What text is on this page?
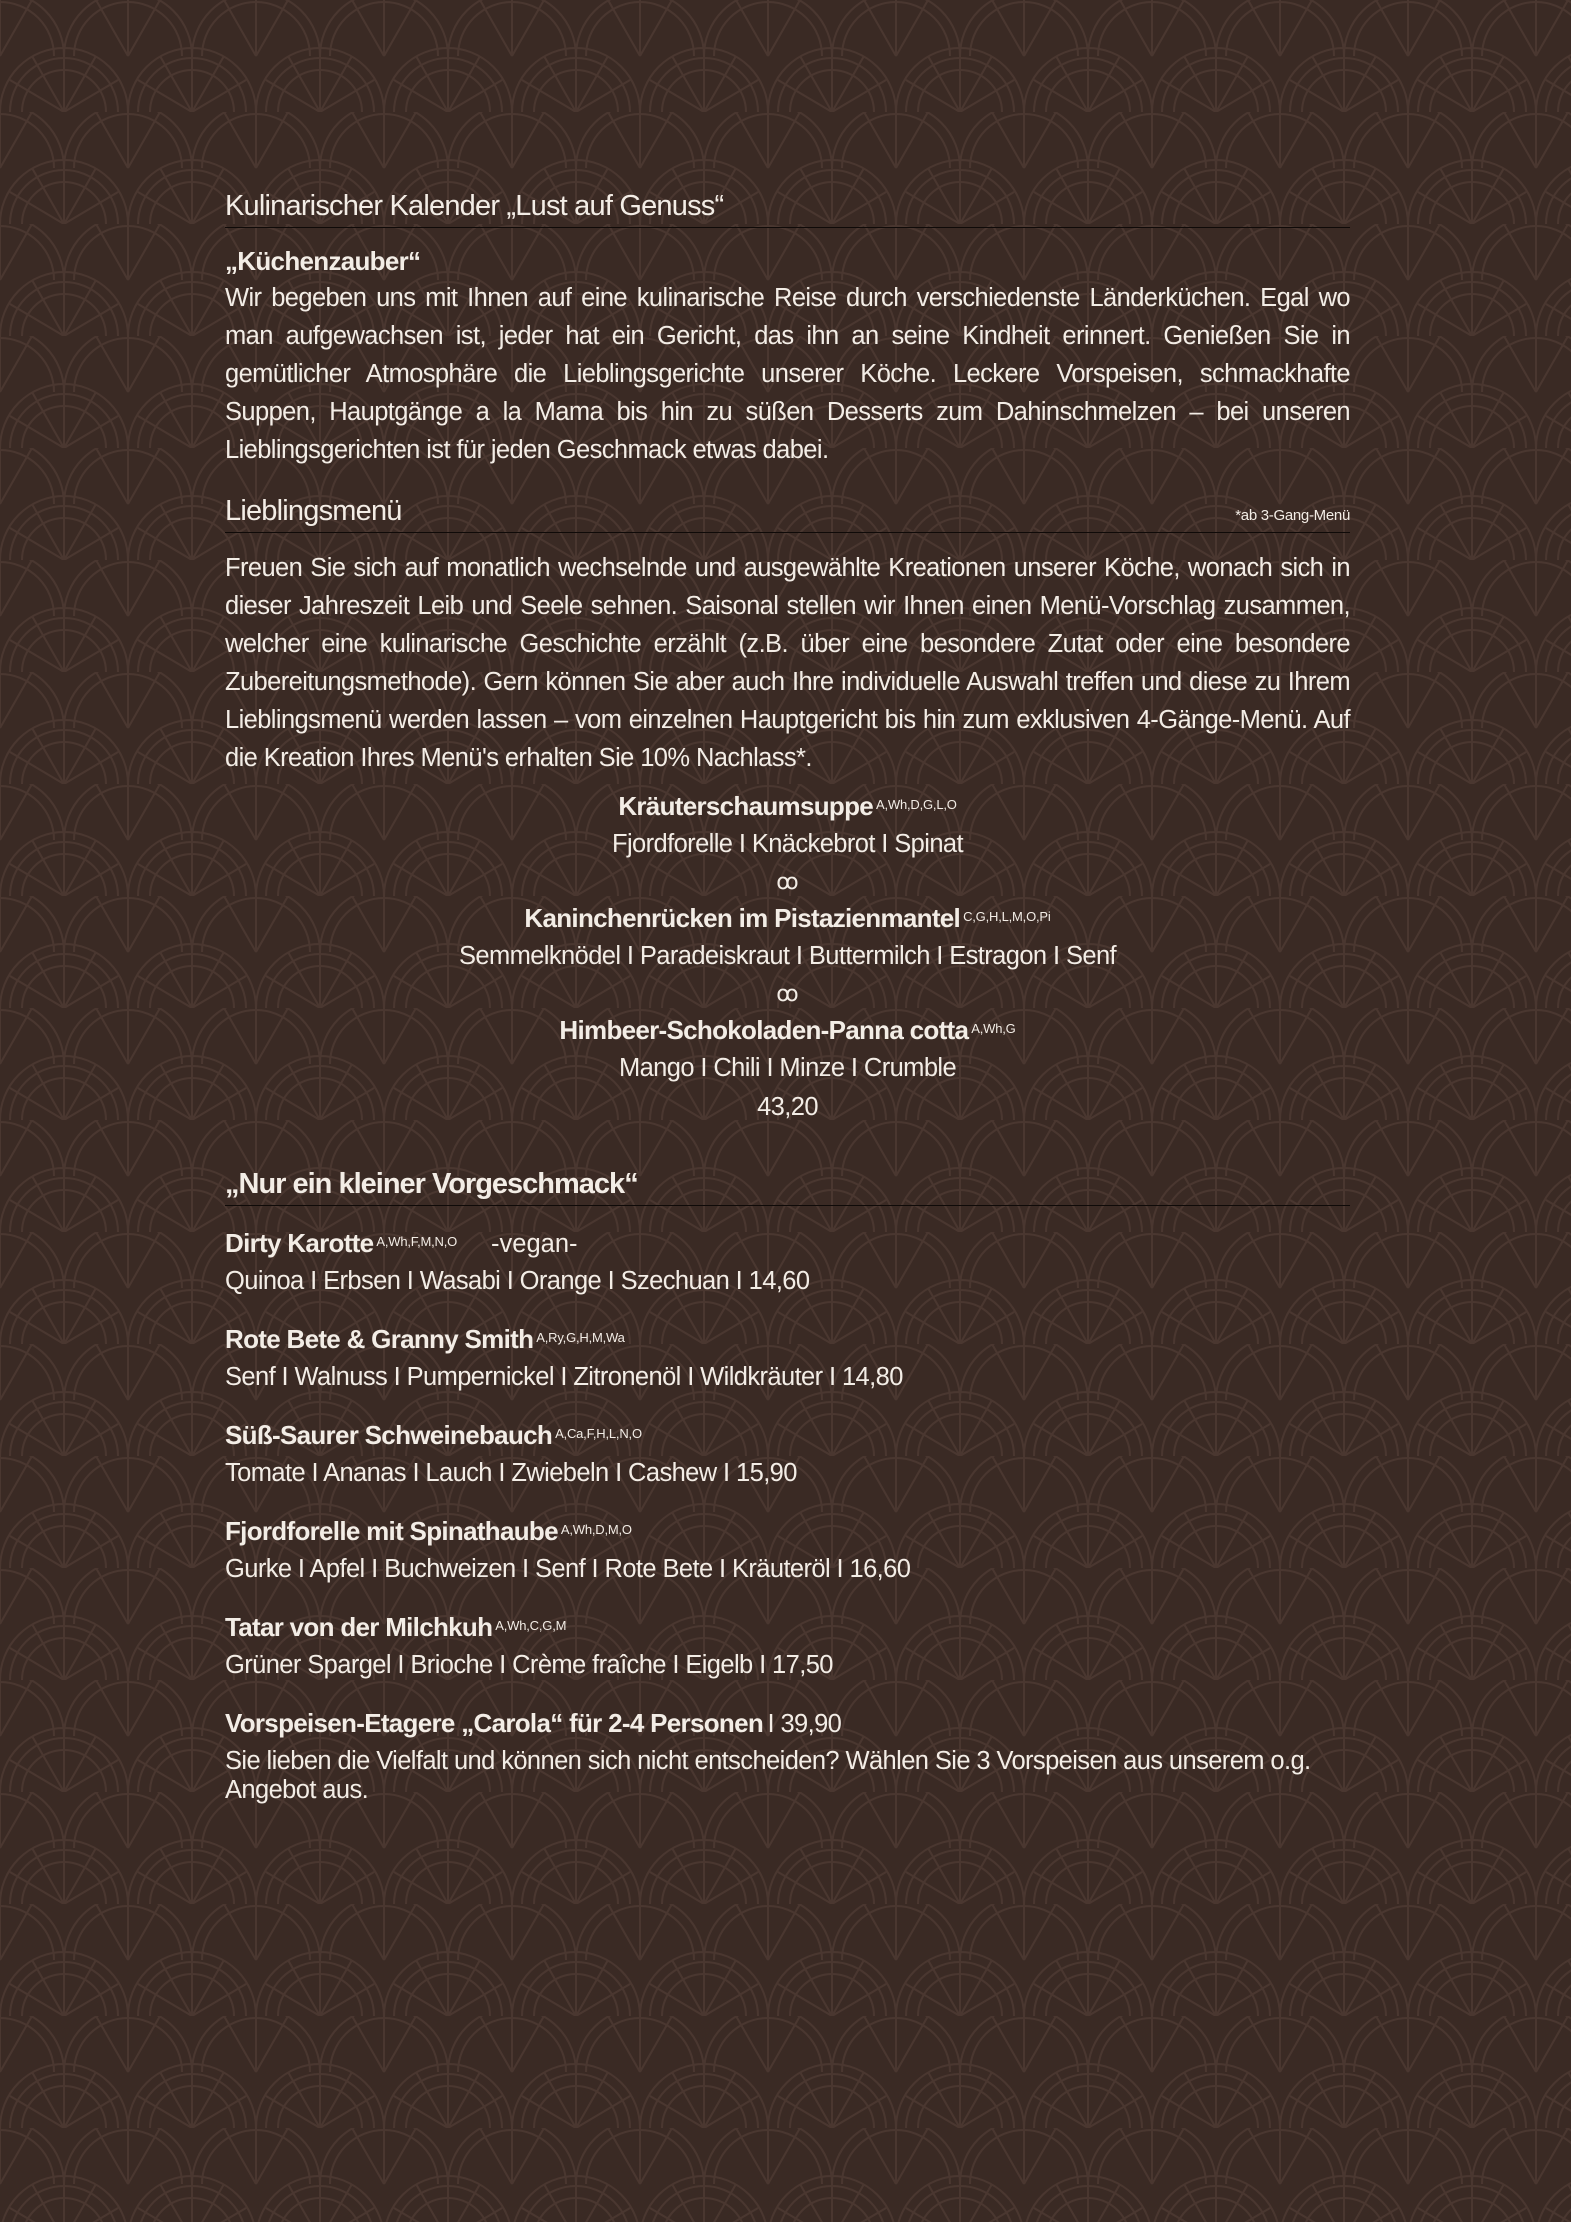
Kulinarischer Kalender „Lust auf Genuss“
„Küchenzauber“

Wir begeben uns mit Ihnen auf eine kulinarische Reise durch verschiedenste Länderküchen. Egal wo man aufgewachsen ist, jeder hat ein Gericht, das ihn an seine Kindheit erinnert. Genießen Sie in gemütlicher Atmosphäre die Lieblingsgerichte unserer Köche. Leckere Vorspeisen, schmackhafte Suppen, Hauptgänge a la Mama bis hin zu süßen Desserts zum Dahinschmelzen – bei unseren Lieblingsgerichten ist für jeden Geschmack etwas dabei.

Lieblingsmenü	*ab 3-Gang-Menü

Freuen Sie sich auf monatlich wechselnde und ausgewählte Kreationen unserer Köche, wonach sich in dieser Jahreszeit Leib und Seele sehnen. Saisonal stellen wir Ihnen einen Menü-Vorschlag zusammen, welcher eine kulinarische Geschichte erzählt (z.B. über eine besondere Zutat oder eine besondere Zubereitungsmethode). Gern können Sie aber auch Ihre individuelle Auswahl treffen und diese zu Ihrem Lieblingsmenü werden lassen – vom einzelnen Hauptgericht bis hin zum exklusiven 4-Gänge-Menü. Auf die Kreation Ihres Menü's erhalten Sie 10% Nachlass*.

Kräuterschaumsuppe $^{A,Wh,D,G,L,O}$
Fjordforelle I Knäckebrot I Spinat
ꝏ
Kaninchenrücken im Pistazienmantel $^{C,G,H,L,M,O,Pi}$
Semmelknödel I Paradeiskraut I Buttermilch I Estragon I Senf
ꝏ
Himbeer-Schokoladen-Panna cotta $^{A,Wh,G}$
Mango I Chili I Minze I Crumble
43,20
„Nur ein kleiner Vorgeschmack“
Dirty Karotte $^{A,Wh,F,M,N,O}$ -vegan-
Quinoa I Erbsen I Wasabi I Orange I Szechuan I 14,60
Rote Bete & Granny Smith $^{A,Ry,G,H,M,Wa}$
Senf I Walnuss I Pumpernickel I Zitronenöl I Wildkräuter I 14,80
Süß-Saurer Schweinebauch $^{A,Ca,F,H,L,N,O}$
Tomate I Ananas I Lauch I Zwiebeln I Cashew I 15,90
Fjordforelle mit Spinathaube $^{A,Wh,D,M,O}$
Gurke I Apfel I Buchweizen I Senf I Rote Bete I Kräuteröl I 16,60
Tatar von der Milchkuh $^{A,Wh,C,G,M}$
Grüner Spargel I Brioche I Crème fraîche I Eigelb I 17,50
Vorspeisen-Etagere „Carola“ für 2-4 Personen I 39,90
Sie lieben die Vielfalt und können sich nicht entscheiden? Wählen Sie 3 Vorspeisen aus unserem o.g. Angebot aus.
